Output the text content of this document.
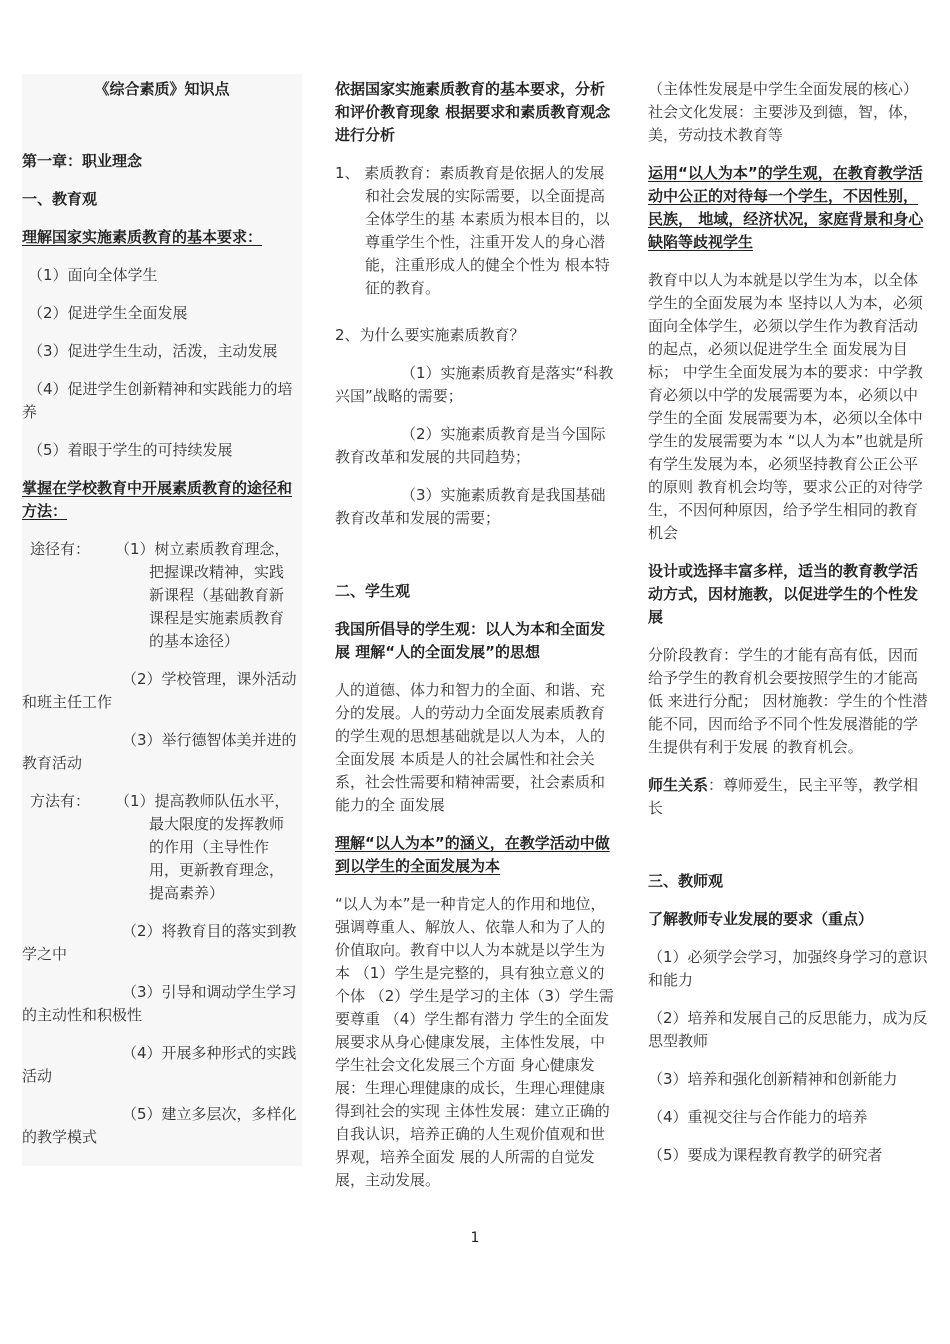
《综合素质》知识点

第一章：职业理念

一、教育观

理解国家实施素质教育的基本要求：

（1）面向全体学生

（2）促进学生全面发展

（3）促进学生生动，活泼，主动发展

（4）促进学生创新精神和实践能力的培养

（5）着眼于学生的可持续发展

掌握在学校教育中开展素质教育的途径和方法：

途径有：	（1）树立素质教育理念，把握课改精神，实践新课程（基础教育新课程是实施素质教育 的基本途径）

（2）学校管理，课外活动和班主任工作

（3）举行德智体美并进的教育活动

方法有：	（1）提高教师队伍水平，最大限度的发挥教师的作用（主导性作用，更新教育理念， 提高素养）

（2）将教育目的落实到教学之中

（3）引导和调动学生学习的主动性和积极性

（4）开展多种形式的实践活动

（5）建立多层次，多样化的教学模式

依据国家实施素质教育的基本要求，分析和评价教育现象 根据要求和素质教育观念进行分析

1、 素质教育：素质教育是依据人的发展和社会发展的实际需要，以全面提高全体学生的基 本素质为根本目的，以尊重学生个性，注重开发人的身心潜能，注重形成人的健全个性为 根本特征的教育。

2、为什么要实施素质教育？

（1）实施素质教育是落实“科教兴国”战略的需要；

（2）实施素质教育是当今国际教育改革和发展的共同趋势；

（3）实施素质教育是我国基础教育改革和发展的需要；

二、学生观

我国所倡导的学生观：以人为本和全面发展 理解“人的全面发展”的思想

人的道德、体力和智力的全面、和谐、充分的发展。人的劳动力全面发展素质教育的学生观的思想基础就是以人为本，人的全面发展 本质是人的社会属性和社会关系，社会性需要和精神需要，社会素质和能力的全 面发展

理解“以人为本”的涵义，在教学活动中做到以学生的全面发展为本

“以人为本”是一种肯定人的作用和地位，强调尊重人、解放人、依靠人和为了人的 价值取向。教育中以人为本就是以学生为本 （1）学生是完整的，具有独立意义的个体 （2）学生是学习的主体（3）学生需要尊重 （4）学生都有潜力 学生的全面发展要求从身心健康发展，主体性发展，中学生社会文化发展三个方面 身心健康发展：生理心理健康的成长，生理心理健康得到社会的实现 主体性发展：建立正确的自我认识，培养正确的人生观价值观和世界观，培养全面发 展的人所需的自觉发展，主动发展。

（主体性发展是中学生全面发展的核心） 社会文化发展：主要涉及到德，智，体，美，劳动技术教育等

运用“以人为本”的学生观，在教育教学活动中公正的对待每一个学生，不因性别，民族， 地域，经济状况，家庭背景和身心缺陷等歧视学生

教育中以人为本就是以学生为本，以全体学生的全面发展为本 坚持以人为本，必须面向全体学生，必须以学生作为教育活动的起点，必须以促进学生全 面发展为目标； 中学生全面发展为本的要求：中学教育必须以中学的发展需要为本，必须以中学生的全面 发展需要为本，必须以全体中学生的发展需要为本 “以人为本”也就是所有学生发展为本，必须坚持教育公正公平的原则 教育机会均等，要求公正的对待学生，不因何种原因，给予学生相同的教育机会

设计或选择丰富多样，适当的教育教学活动方式，因材施教，以促进学生的个性发展

分阶段教育：学生的才能有高有低，因而给予学生的教育机会要按照学生的才能高低 来进行分配； 因材施教：学生的个性潜能不同，因而给予不同个性发展潜能的学生提供有利于发展 的教育机会。

师生关系：尊师爱生，民主平等，教学相长

三、教师观

了解教师专业发展的要求（重点）

（1）必须学会学习，加强终身学习的意识和能力

（2）培养和发展自己的反思能力，成为反思型教师

（3）培养和强化创新精神和创新能力

（4）重视交往与合作能力的培养

（5）要成为课程教育教学的研究者

1
